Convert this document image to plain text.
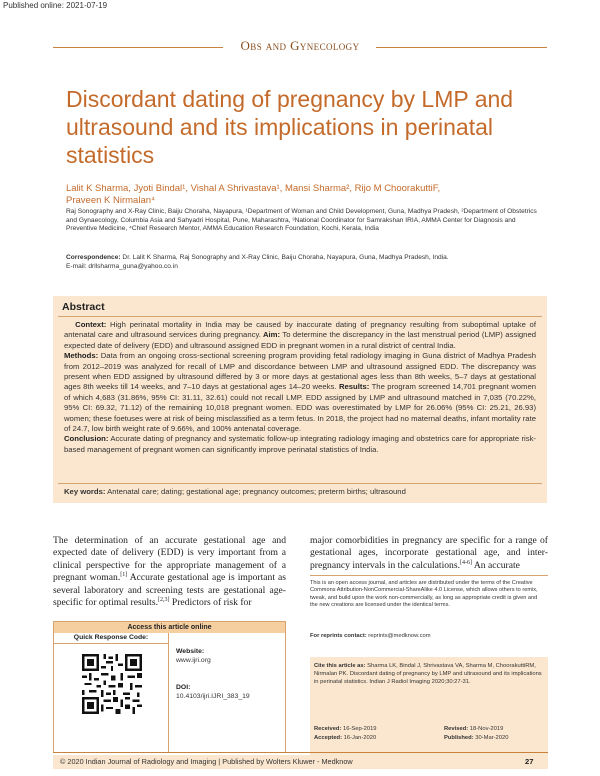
Published online: 2021-07-19
Obs and Gynecology
Discordant dating of pregnancy by LMP and ultrasound and its implications in perinatal statistics
Lalit K Sharma, Jyoti Bindal¹, Vishal A Shrivastava¹, Mansi Sharma², Rijo M ChoorakuttiF,
Praveen K Nirmalan⁴
Raj Sonography and X-Ray Clinic, Baiju Choraha, Nayapura, ¹Department of Woman and Child Development, Guna, Madhya Pradesh, ²Department of Obstetrics and Gynaecology, Columbia Asia and Sahyadri Hospital, Pune, Maharashtra, ³National Coordinator for Samrakshan IRIA, AMMA Center for Diagnosis and Preventive Medicine, ⁴Chief Research Mentor, AMMA Education Research Foundation, Kochi, Kerala, India
Correspondence: Dr. Lalit K Sharma, Raj Sonography and X-Ray Clinic, Baiju Choraha, Nayapura, Guna, Madhya Pradesh, India.
E-mail: drllsharma_guna@yahoo.co.in
Abstract
Context: High perinatal mortality in India may be caused by inaccurate dating of pregnancy resulting from suboptimal uptake of antenatal care and ultrasound services during pregnancy. Aim: To determine the discrepancy in the last menstrual period (LMP) assigned expected date of delivery (EDD) and ultrasound assigned EDD in pregnant women in a rural district of central India.
Methods: Data from an ongoing cross-sectional screening program providing fetal radiology imaging in Guna district of Madhya Pradesh from 2012–2019 was analyzed for recall of LMP and discordance between LMP and ultrasound assigned EDD. The discrepancy was present when EDD assigned by ultrasound differed by 3 or more days at gestational ages less than 8th weeks, 5–7 days at gestational ages 8th weeks till 14 weeks, and 7–10 days at gestational ages 14–20 weeks. Results: The program screened 14,701 pregnant women of which 4,683 (31.86%, 95% CI: 31.11, 32.61) could not recall LMP. EDD assigned by LMP and ultrasound matched in 7,035 (70.22%, 95% CI: 69.32, 71.12) of the remaining 10,018 pregnant women. EDD was overestimated by LMP for 26.06% (95% CI: 25.21, 26.93) women; these foetuses were at risk of being misclassified as a term fetus. In 2018, the project had no maternal deaths, infant mortality rate of 24.7, low birth weight rate of 9.66%, and 100% antenatal coverage.
Conclusion: Accurate dating of pregnancy and systematic follow-up integrating radiology imaging and obstetrics care for appropriate risk-based management of pregnant women can significantly improve perinatal statistics of India.
Key words: Antenatal care; dating; gestational age; pregnancy outcomes; preterm births; ultrasound
The determination of an accurate gestational age and expected date of delivery (EDD) is very important from a clinical perspective for the appropriate management of a pregnant woman.[1] Accurate gestational age is important as several laboratory and screening tests are gestational age-specific for optimal results.[2,3] Predictors of risk for
major comorbidities in pregnancy are specific for a range of gestational ages, incorporate gestational age, and inter-pregnancy intervals in the calculations.[4-6] An accurate
Access this article online
Quick Response Code:
Website:
www.ijri.org
DOI:
10.4103/ijri.IJRI_383_19
This is an open access journal, and articles are distributed under the terms of the Creative Commons Attribution-NonCommercial-ShareAlike 4.0 License, which allows others to remix, tweak, and build upon the work non-commercially, as long as appropriate credit is given and the new creations are licensed under the identical terms.
For reprints contact: reprints@medknow.com
Cite this article as: Sharma LK, Bindal J, Shrivastava VA, Sharma M, ChoorakuttiRM, Nirmalan PK. Discordant dating of pregnancy by LMP and ultrasound and its implications in perinatal statistics. Indian J Radiol Imaging 2020;30:27-31.
Received: 16-Sep-2019	Revised: 18-Nov-2019
Accepted: 16-Jan-2020	Published: 30-Mar-2020
© 2020 Indian Journal of Radiology and Imaging | Published by Wolters Kluwer - Medknow	27
